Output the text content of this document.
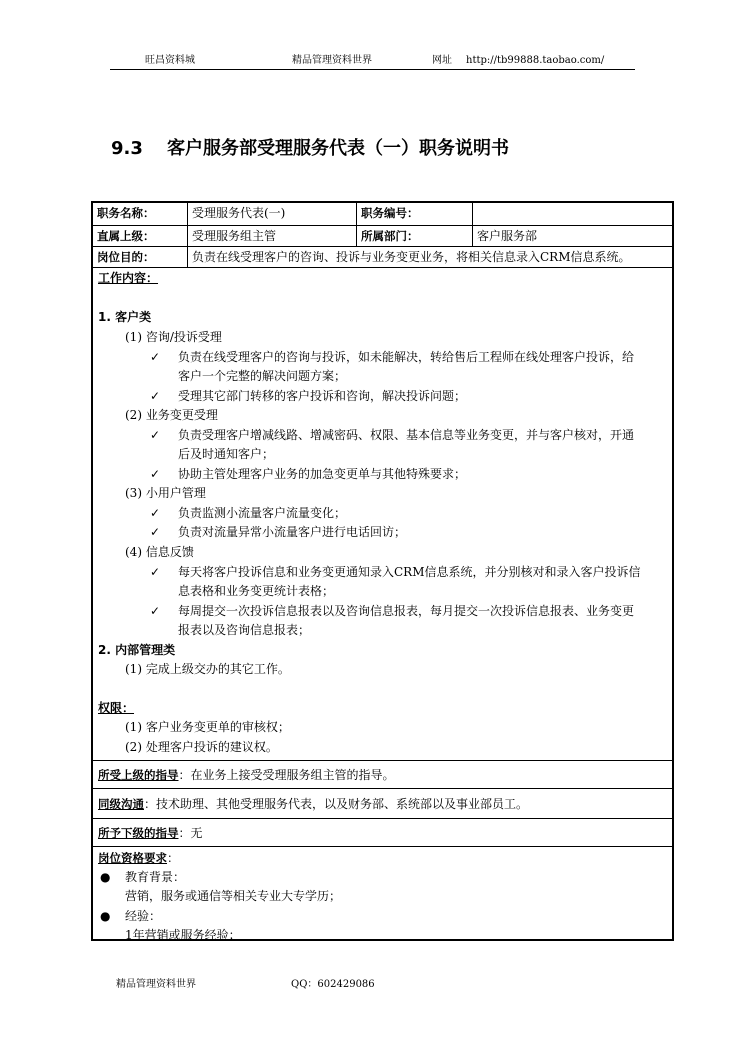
旺昌资料城	精品管理资料世界	网址 http://tb99888.taobao.com/
9.3 客户服务部受理服务代表（一）职务说明书
职务名称：	受理服务代表(一)	职务编号：
直属上级：	受理服务组主管	所属部门：	客户服务部
岗位目的：	负责在线受理客户的咨询、投诉与业务变更业务，将相关信息录入CRM信息系统。
工作内容：
1. 客户类
(1) 咨询/投诉受理
✓ 负责在线受理客户的咨询与投诉，如未能解决，转给售后工程师在线处理客户投诉，给
客户一个完整的解决问题方案；
✓ 受理其它部门转移的客户投诉和咨询，解决投诉问题；
(2) 业务变更受理
✓ 负责受理客户增减线路、增减密码、权限、基本信息等业务变更，并与客户核对，开通
后及时通知客户；
✓ 协助主管处理客户业务的加急变更单与其他特殊要求；
(3) 小用户管理
✓ 负责监测小流量客户流量变化；
✓ 负责对流量异常小流量客户进行电话回访；
(4) 信息反馈
✓ 每天将客户投诉信息和业务变更通知录入CRM信息系统，并分别核对和录入客户投诉信
息表格和业务变更统计表格；
✓ 每周提交一次投诉信息报表以及咨询信息报表，每月提交一次投诉信息报表、业务变更
报表以及咨询信息报表；
2. 内部管理类
(1) 完成上级交办的其它工作。
权限：
(1) 客户业务变更单的审核权；
(2) 处理客户投诉的建议权。
所受上级的指导：在业务上接受受理服务组主管的指导。
同级沟通：技术助理、其他受理服务代表，以及财务部、系统部以及事业部员工。
所予下级的指导：无
岗位资格要求：
● 教育背景：
营销，服务或通信等相关专业大专学历；
● 经验：
1年营销或服务经验；
精品管理资料世界	QQ：602429086
